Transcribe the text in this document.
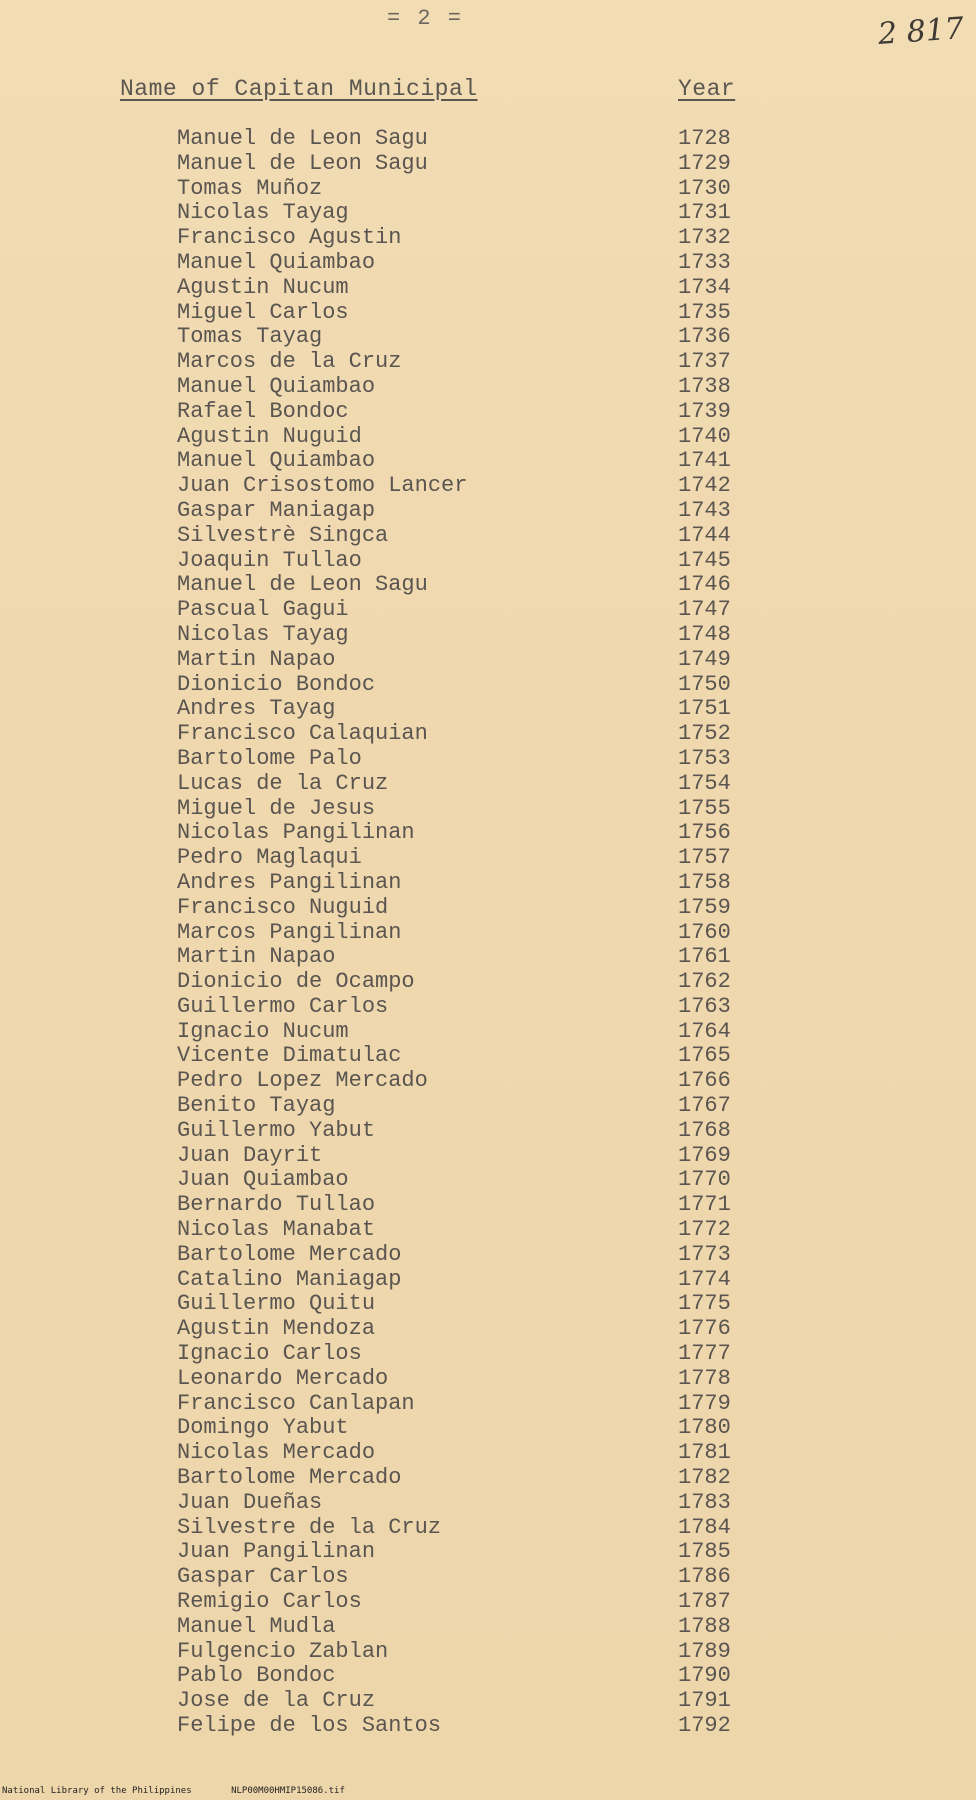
= 2 =	2 817
Name of Capitan Municipal	Year
Manuel de Leon Sagu	1728
Manuel de Leon Sagu	1729
Tomas Muñoz	1730
Nicolas Tayag	1731
Francisco Agustin	1732
Manuel Quiambao	1733
Agustin Nucum	1734
Miguel Carlos	1735
Tomas Tayag	1736
Marcos de la Cruz	1737
Manuel Quiambao	1738
Rafael Bondoc	1739
Agustin Nuguid	1740
Manuel Quiambao	1741
Juan Crisostomo Lancer	1742
Gaspar Maniagap	1743
Silvestrè Singca	1744
Joaquin Tullao	1745
Manuel de Leon Sagu	1746
Pascual Gagui	1747
Nicolas Tayag	1748
Martin Napao	1749
Dionicio Bondoc	1750
Andres Tayag	1751
Francisco Calaquian	1752
Bartolome Palo	1753
Lucas de la Cruz	1754
Miguel de Jesus	1755
Nicolas Pangilinan	1756
Pedro Maglaqui	1757
Andres Pangilinan	1758
Francisco Nuguid	1759
Marcos Pangilinan	1760
Martin Napao	1761
Dionicio de Ocampo	1762
Guillermo Carlos	1763
Ignacio Nucum	1764
Vicente Dimatulac	1765
Pedro Lopez Mercado	1766
Benito Tayag	1767
Guillermo Yabut	1768
Juan Dayrit	1769
Juan Quiambao	1770
Bernardo Tullao	1771
Nicolas Manabat	1772
Bartolome Mercado	1773
Catalino Maniagap	1774
Guillermo Quitu	1775
Agustin Mendoza	1776
Ignacio Carlos	1777
Leonardo Mercado	1778
Francisco Canlapan	1779
Domingo Yabut	1780
Nicolas Mercado	1781
Bartolome Mercado	1782
Juan Dueñas	1783
Silvestre de la Cruz	1784
Juan Pangilinan	1785
Gaspar Carlos	1786
Remigio Carlos	1787
Manuel Mudla	1788
Fulgencio Zablan	1789
Pablo Bondoc	1790
Jose de la Cruz	1791
Felipe de los Santos	1792
National Library of the Philippines	NLP00M00HMIP15086.tif
